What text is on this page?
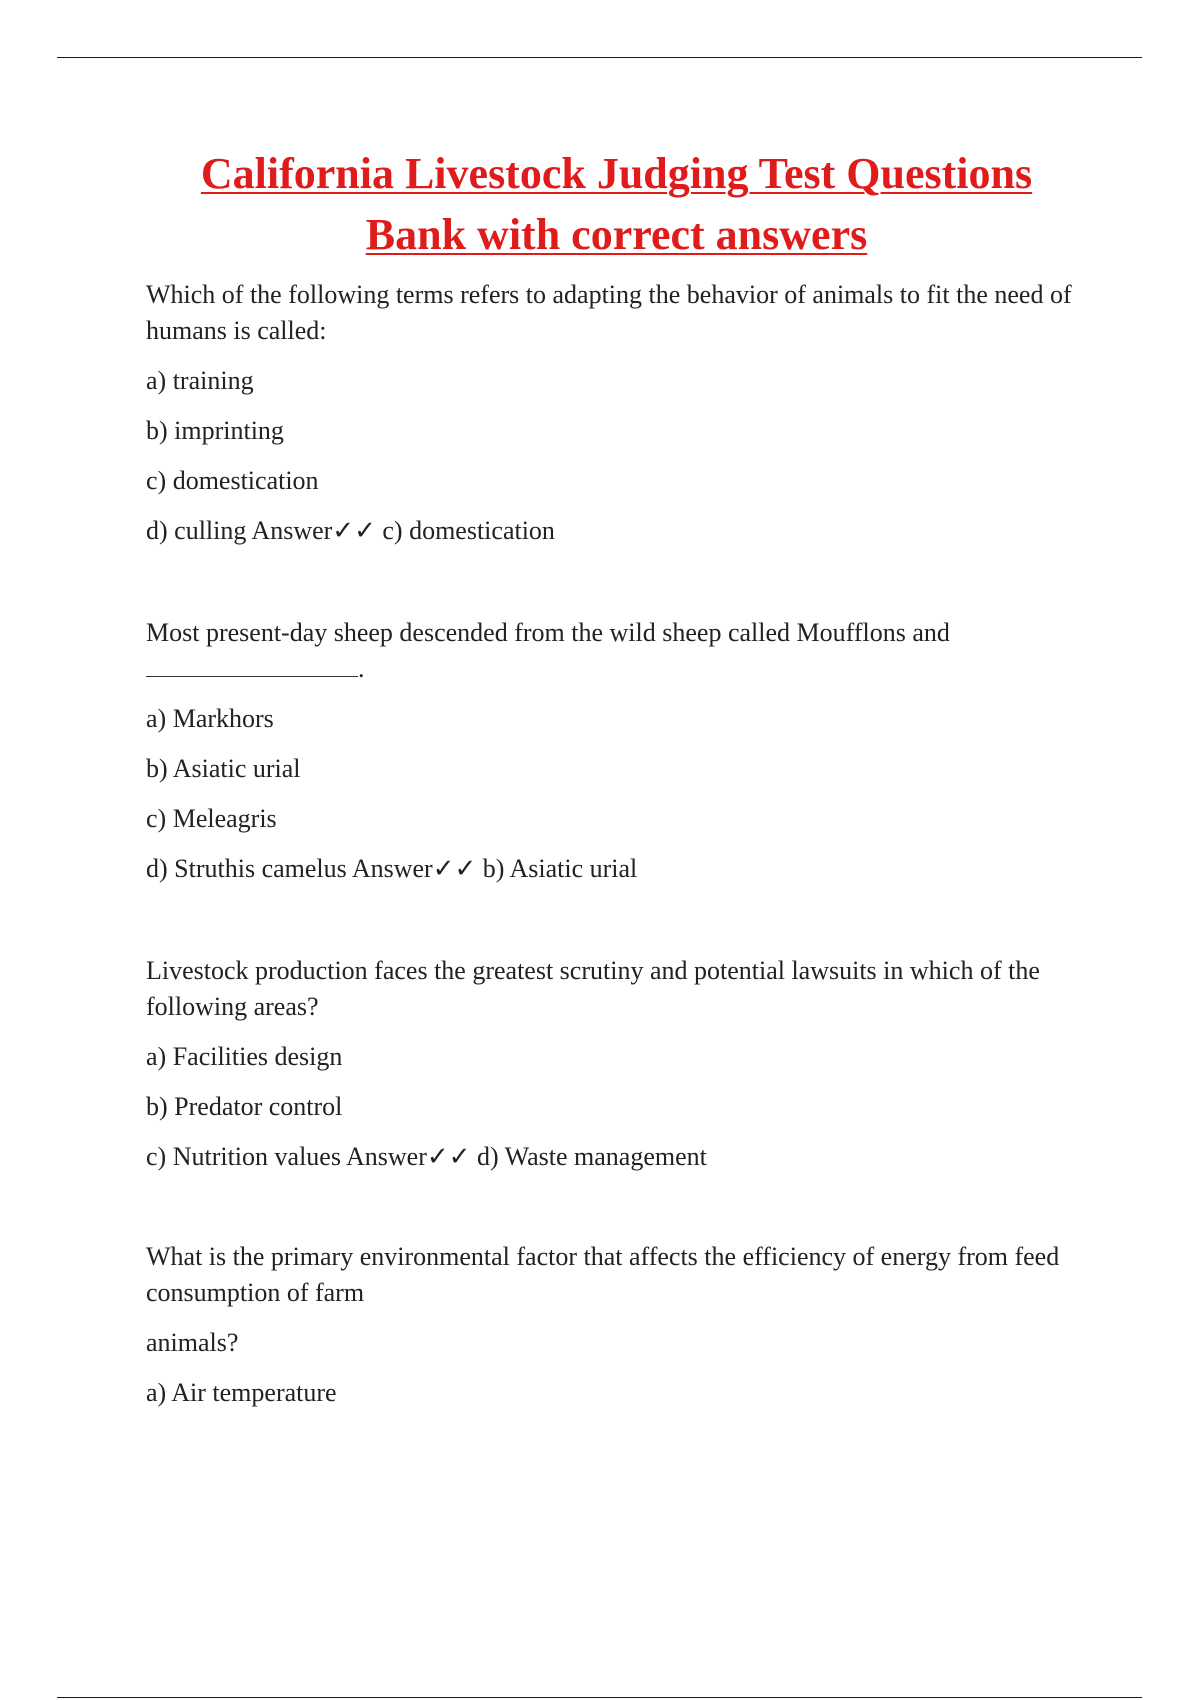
California Livestock Judging Test Questions
Bank with correct answers

Which of the following terms refers to adapting the behavior of animals to fit the need of humans is called:

a) training

b) imprinting

c) domestication

d) culling Answer✓✓ c) domestication

Most present-day sheep descended from the wild sheep called Moufflons and
.

a) Markhors

b) Asiatic urial

c) Meleagris

d) Struthis camelus Answer✓✓ b) Asiatic urial

Livestock production faces the greatest scrutiny and potential lawsuits in which of the following areas?

a) Facilities design

b) Predator control

c) Nutrition values Answer✓✓ d) Waste management

What is the primary environmental factor that affects the efficiency of energy from feed consumption of farm

animals?

a) Air temperature
